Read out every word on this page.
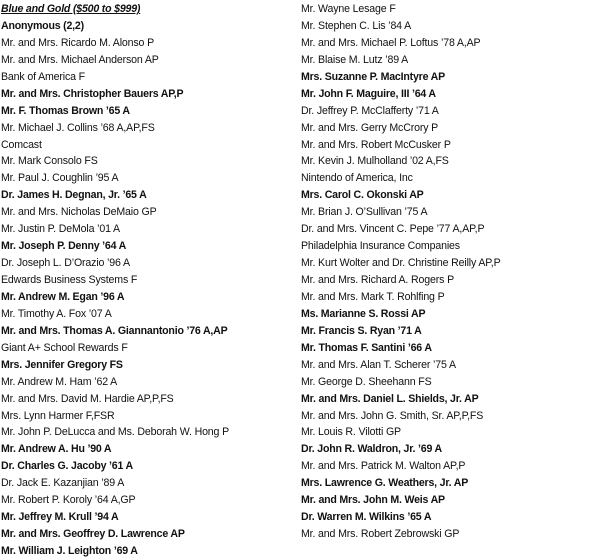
Blue and Gold ($500 to $999)
Anonymous (2,2)
Mr. and Mrs. Ricardo M. Alonso P
Mr. and Mrs. Michael Anderson AP
Bank of America F
Mr. and Mrs. Christopher Bauers AP,P
Mr. F. Thomas Brown ’65 A
Mr. Michael J. Collins ’68 A,AP,FS
Comcast
Mr. Mark Consolo FS
Mr. Paul J. Coughlin ’95 A
Dr. James H. Degnan, Jr. ’65 A
Mr. and Mrs. Nicholas DeMaio GP
Mr. Justin P. DeMola ’01 A
Mr. Joseph P. Denny ’64 A
Dr. Joseph L. D’Orazio ’96 A
Edwards Business Systems F
Mr. Andrew M. Egan ’96 A
Mr. Timothy A. Fox ’07 A
Mr. and Mrs. Thomas A. Giannantonio ’76 A,AP
Giant A+ School Rewards F
Mrs. Jennifer Gregory FS
Mr. Andrew M. Ham ’62 A
Mr. and Mrs. David M. Hardie AP,P,FS
Mrs. Lynn Harmer F,FSR
Mr. John P. DeLucca and Ms. Deborah W. Hong P
Mr. Andrew A. Hu ’90 A
Dr. Charles G. Jacoby ’61 A
Dr. Jack E. Kazanjian ’89 A
Mr. Robert P. Koroly ’64 A,GP
Mr. Jeffrey M. Krull ’94 A
Mr. and Mrs. Geoffrey D. Lawrence AP
Mr. William J. Leighton ’69 A
Mr. Wayne Lesage F
Mr. Stephen C. Lis ’84 A
Mr. and Mrs. Michael P. Loftus ’78 A,AP
Mr. Blaise M. Lutz ’89 A
Mrs. Suzanne P. MacIntyre AP
Mr. John F. Maguire, III ’64 A
Dr. Jeffrey P. McClafferty ’71 A
Mr. and Mrs. Gerry McCrory P
Mr. and Mrs. Robert McCusker P
Mr. Kevin J. Mulholland ’02 A,FS
Nintendo of America, Inc
Mrs. Carol C. Okonski AP
Mr. Brian J. O’Sullivan ’75 A
Dr. and Mrs. Vincent C. Pepe ’77 A,AP,P
Philadelphia Insurance Companies
Mr. Kurt Wolter and Dr. Christine Reilly AP,P
Mr. and Mrs. Richard A. Rogers P
Mr. and Mrs. Mark T. Rohlfing P
Ms. Marianne S. Rossi AP
Mr. Francis S. Ryan ’71 A
Mr. Thomas F. Santini ’66 A
Mr. and Mrs. Alan T. Scherer ’75 A
Mr. George D. Sheehann FS
Mr. and Mrs. Daniel L. Shields, Jr. AP
Mr. and Mrs. John G. Smith, Sr. AP,P,FS
Mr. Louis R. Vilotti GP
Dr. John R. Waldron, Jr. ’69 A
Mr. and Mrs. Patrick M. Walton AP,P
Mrs. Lawrence G. Weathers, Jr. AP
Mr. and Mrs. John M. Weis AP
Dr. Warren M. Wilkins ’65 A
Mr. and Mrs. Robert Zebrowski GP
